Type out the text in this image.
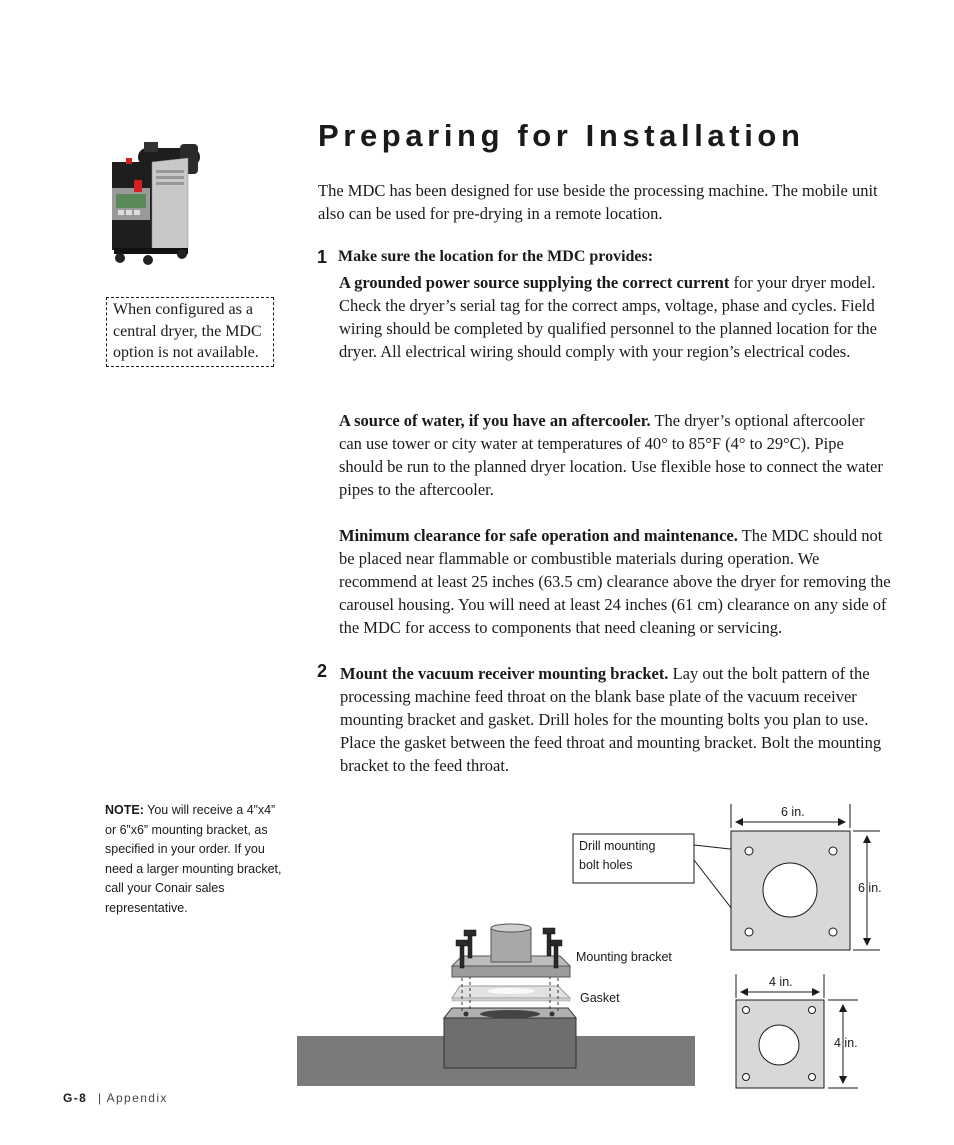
Preparing for Installation

The MDC has been designed for use beside the processing machine. The mobile unit also can be used for pre-drying in a remote location.

When configured as a central dryer, the MDC option is not available.
1 Make sure the location for the MDC provides:

A grounded power source supplying the correct current for your dryer model. Check the dryer’s serial tag for the correct amps, voltage, phase and cycles. Field wiring should be completed by qualified personnel to the planned location for the dryer. All electrical wiring should comply with your region’s electrical codes.

A source of water, if you have an aftercooler. The dryer’s optional aftercooler can use tower or city water at temperatures of 40° to 85°F (4° to 29°C). Pipe should be run to the planned dryer location. Use flexible hose to connect the water pipes to the aftercooler.

Minimum clearance for safe operation and maintenance. The MDC should not be placed near flammable or combustible materials during operation. We recommend at least 25 inches (63.5 cm) clearance above the dryer for removing the carousel housing. You will need at least 24 inches (61 cm) clearance on any side of the MDC for access to components that need cleaning or servicing.

2 Mount the vacuum receiver mounting bracket. Lay out the bolt pattern of the processing machine feed throat on the blank base plate of the vacuum receiver mounting bracket and gasket. Drill holes for the mounting bolts you plan to use. Place the gasket between the feed throat and mounting bracket. Bolt the mounting bracket to the feed throat.

NOTE: You will receive a 4”x4” or 6”x6” mounting bracket, as specified in your order. If you need a larger mounting bracket, call your Conair sales representative.
Mounting bracket
Gasket
Drill mounting
bolt holes
6 in.
6 in.
4 in.
4 in.
G-8 | Appendix
